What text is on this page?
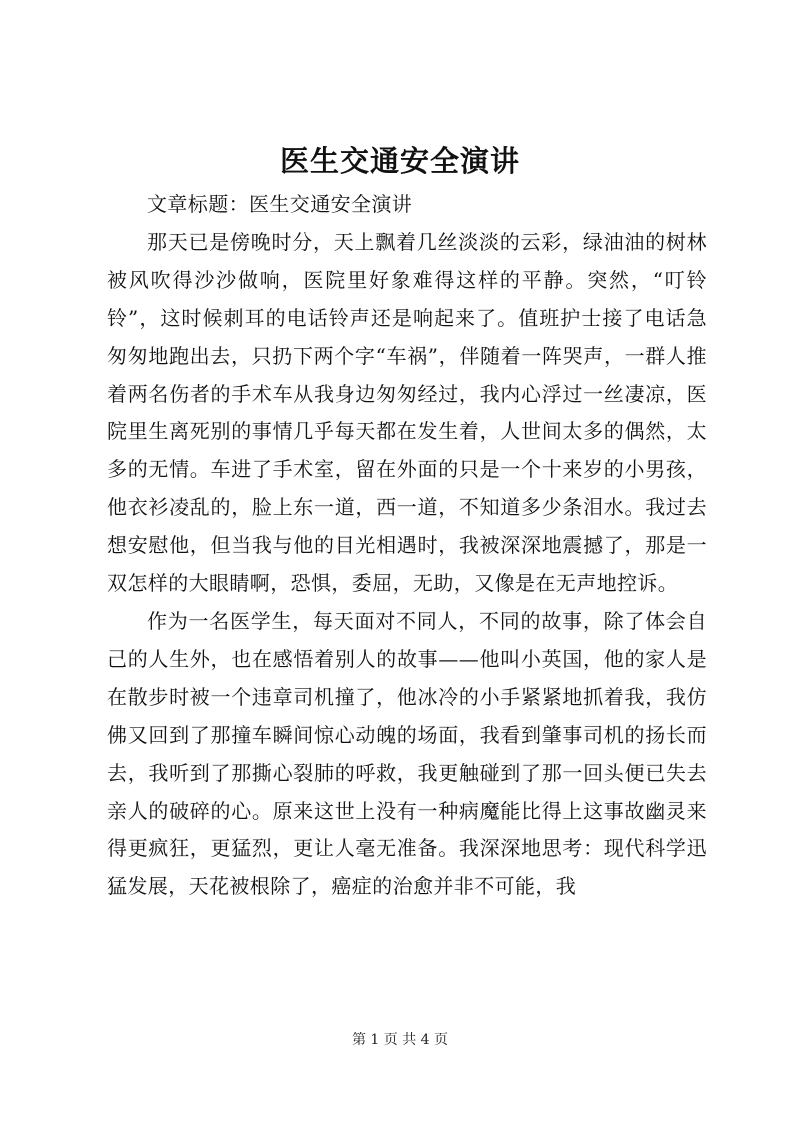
医生交通安全演讲

文章标题：医生交通安全演讲

那天已是傍晚时分，天上飘着几丝淡淡的云彩，绿油油的树林被风吹得沙沙做响，医院里好象难得这样的平静。突然，“叮铃铃”，这时候刺耳的电话铃声还是响起来了。值班护士接了电话急匆匆地跑出去，只扔下两个字“车祸”，伴随着一阵哭声，一群人推着两名伤者的手术车从我身边匆匆经过，我内心浮过一丝凄凉，医院里生离死别的事情几乎每天都在发生着，人世间太多的偶然，太多的无情。车进了手术室，留在外面的只是一个十来岁的小男孩，他衣衫凌乱的，脸上东一道，西一道，不知道多少条泪水。我过去想安慰他，但当我与他的目光相遇时，我被深深地震撼了，那是一双怎样的大眼睛啊，恐惧，委屈，无助，又像是在无声地控诉。

作为一名医学生，每天面对不同人，不同的故事，除了体会自己的人生外，也在感悟着别人的故事——他叫小英国，他的家人是在散步时被一个违章司机撞了，他冰冷的小手紧紧地抓着我，我仿佛又回到了那撞车瞬间惊心动魄的场面，我看到肇事司机的扬长而去，我听到了那撕心裂肺的呼救，我更触碰到了那一回头便已失去亲人的破碎的心。原来这世上没有一种病魔能比得上这事故幽灵来得更疯狂，更猛烈，更让人毫无准备。我深深地思考：现代科学迅猛发展，天花被根除了，癌症的治愈并非不可能，我

第 1 页 共 4 页
